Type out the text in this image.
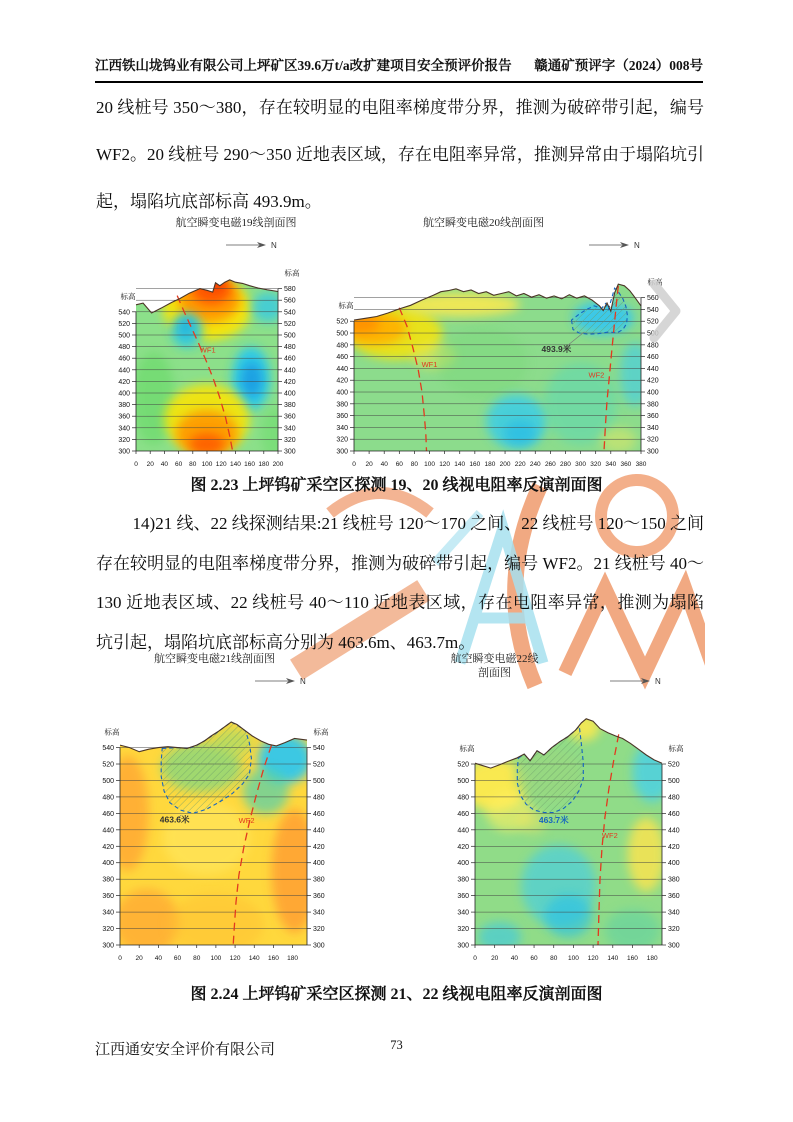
江西铁山垅钨业有限公司上坪矿区39.6万t/a改扩建项目安全预评价报告 赣通矿预评字（2024）008号
20 线桩号 350～380，存在较明显的电阻率梯度带分界，推测为破碎带引起，编号 WF2。20 线桩号 290～350 近地表区域，存在电阻率异常，推测异常由于塌陷坑引起，塌陷坑底部标高 493.9m。
14)21 线、22 线探测结果:21 线桩号 120～170 之间、22 线桩号 120～150 之间存在较明显的电阻率梯度带分界，推测为破碎带引起，编号 WF2。21 线桩号 40～130 近地表区域、22 线桩号 40～110 近地表区域，存在电阻率异常，推测为塌陷坑引起，塌陷坑底部标高分别为 463.6m、463.7m。
航空瞬变电磁19线剖面图
WF1
540
520
500
480
460
440
420
400
380
360
340
320
300
580
560
540
520
500
480
460
440
420
400
380
360
340
320
300
0 20 40 60 80 100 120 140 160 180 200
标高
标高
N
航空瞬变电磁20线剖面图
493.9米
WF1
WF2
520
500
480
460
440
420
400
380
360
340
320
300
560
540
520
500
480
460
440
420
400
380
360
340
320
300
0 20 40 60 80 100 120 140 160 180 200 220 240 260 280 300 320 340 360 380
标高
标高
N
图 2.23 上坪钨矿采空区探测 19、20 线视电阻率反演剖面图
航空瞬变电磁21线剖面图
463.6米	WF2
540
520
500
480
460
440
420
400
380
360
340
320
300
540
520
500
480
460
440
420
400
380
360
340
320
300
0 20 40 60 80 100 120 140 160 180
标高	标高
N
航空瞬变电磁22线剖面图
463.7米
WF2
520
500
480
460
440
420
400
380
360
340
320
300
520
500
480
460
440
420
400
380
360
340
320
300
0 20 40 60 80 100 120 140 160 180
标高	标高
N
图 2.24 上坪钨矿采空区探测 21、22 线视电阻率反演剖面图
江西通安安全评价有限公司	73
